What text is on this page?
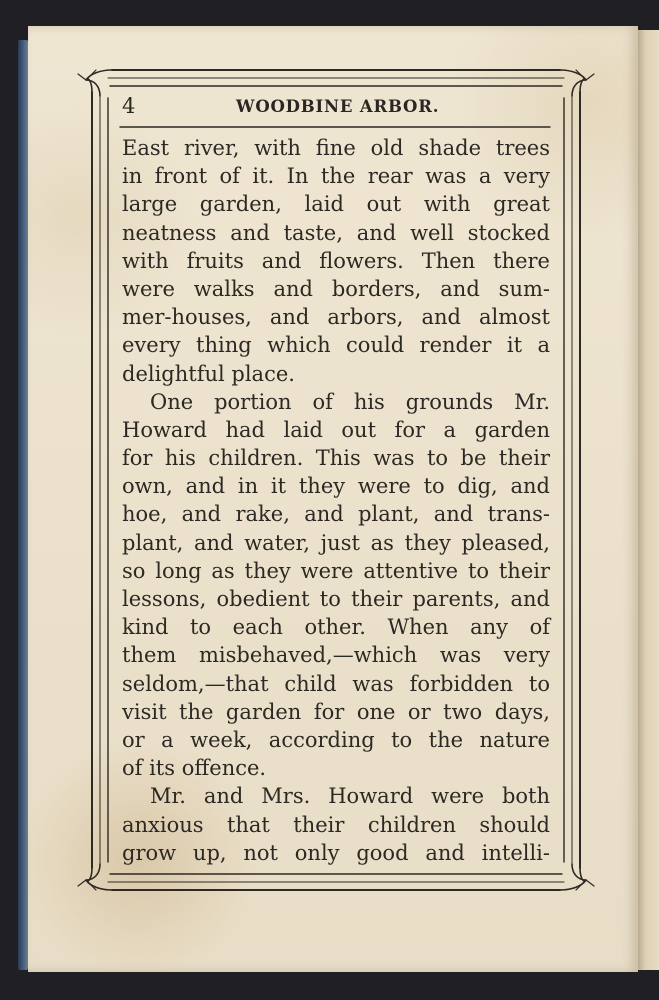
4	WOODBINE ARBOR.
East river, with fine old shade trees
in front of it. In the rear was a very
large garden, laid out with great
neatness and taste, and well stocked
with fruits and flowers. Then there
were walks and borders, and sum-
mer-houses, and arbors, and almost
every thing which could render it a
delightful place.
One portion of his grounds Mr.
Howard had laid out for a garden
for his children. This was to be their
own, and in it they were to dig, and
hoe, and rake, and plant, and trans-
plant, and water, just as they pleased,
so long as they were attentive to their
lessons, obedient to their parents, and
kind to each other. When any of
them misbehaved,—which was very
seldom,—that child was forbidden to
visit the garden for one or two days,
or a week, according to the nature
of its offence.
Mr. and Mrs. Howard were both
anxious that their children should
grow up, not only good and intelli-
